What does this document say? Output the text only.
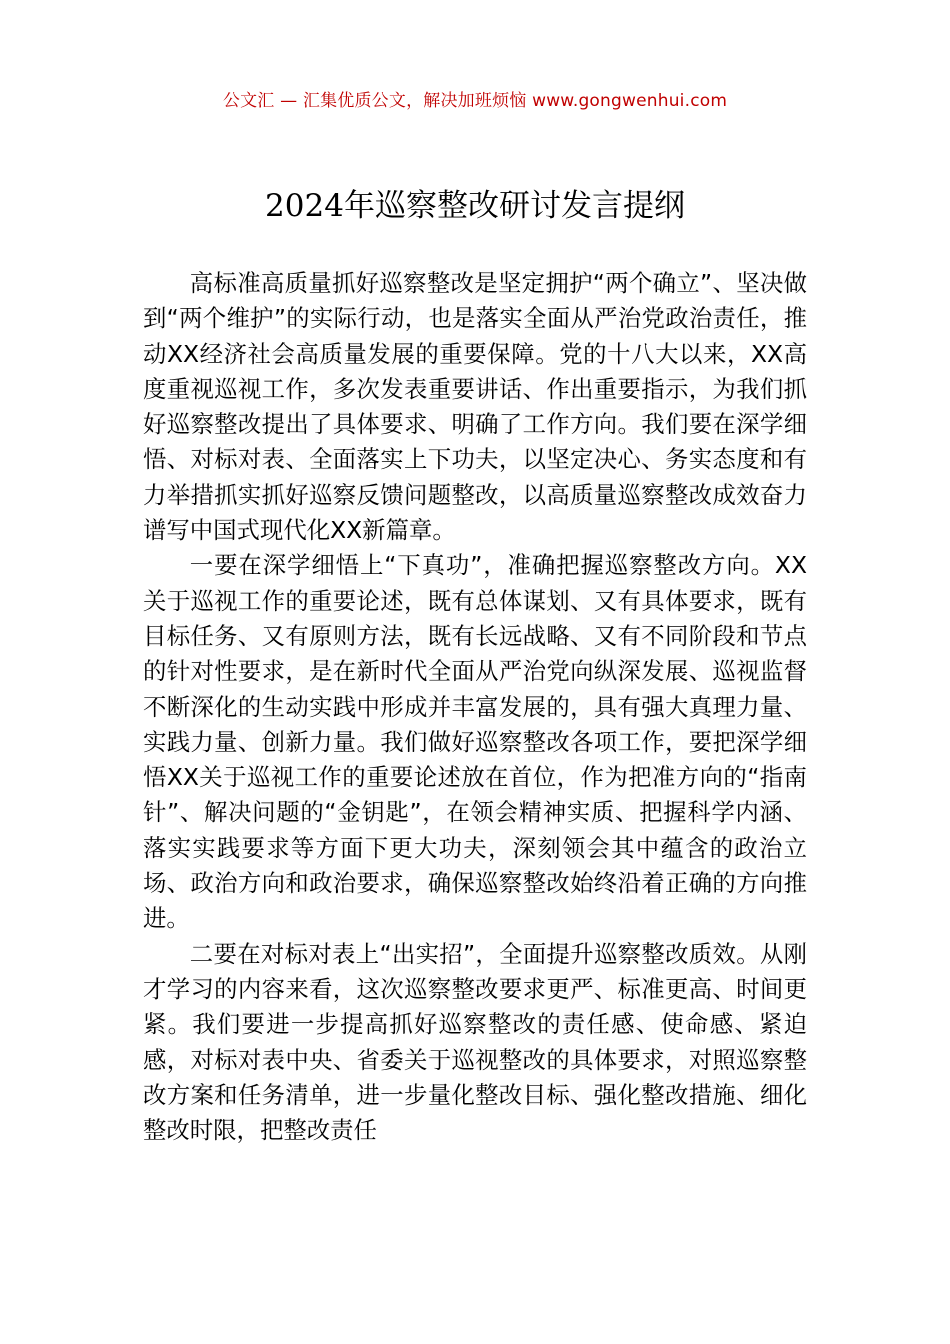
公文汇 — 汇集优质公文，解决加班烦恼 www.gongwenhui.com
2024年巡察整改研讨发言提纲

高标准高质量抓好巡察整改是坚定拥护“两个确立”、坚决做到“两个维护”的实际行动，也是落实全面从严治党政治责任，推动XX经济社会高质量发展的重要保障。党的十八大以来，XX高度重视巡视工作，多次发表重要讲话、作出重要指示，为我们抓好巡察整改提出了具体要求、明确了工作方向。我们要在深学细悟、对标对表、全面落实上下功夫，以坚定决心、务实态度和有力举措抓实抓好巡察反馈问题整改，以高质量巡察整改成效奋力谱写中国式现代化XX新篇章。

一要在深学细悟上“下真功”，准确把握巡察整改方向。XX关于巡视工作的重要论述，既有总体谋划、又有具体要求，既有目标任务、又有原则方法，既有长远战略、又有不同阶段和节点的针对性要求，是在新时代全面从严治党向纵深发展、巡视监督不断深化的生动实践中形成并丰富发展的，具有强大真理力量、实践力量、创新力量。我们做好巡察整改各项工作，要把深学细悟XX关于巡视工作的重要论述放在首位，作为把准方向的“指南针”、解决问题的“金钥匙”，在领会精神实质、把握科学内涵、落实实践要求等方面下更大功夫，深刻领会其中蕴含的政治立场、政治方向和政治要求，确保巡察整改始终沿着正确的方向推进。

二要在对标对表上“出实招”，全面提升巡察整改质效。从刚才学习的内容来看，这次巡察整改要求更严、标准更高、时间更紧。我们要进一步提高抓好巡察整改的责任感、使命感、紧迫感，对标对表中央、省委关于巡视整改的具体要求，对照巡察整改方案和任务清单，进一步量化整改目标、强化整改措施、细化整改时限，把整改责任
